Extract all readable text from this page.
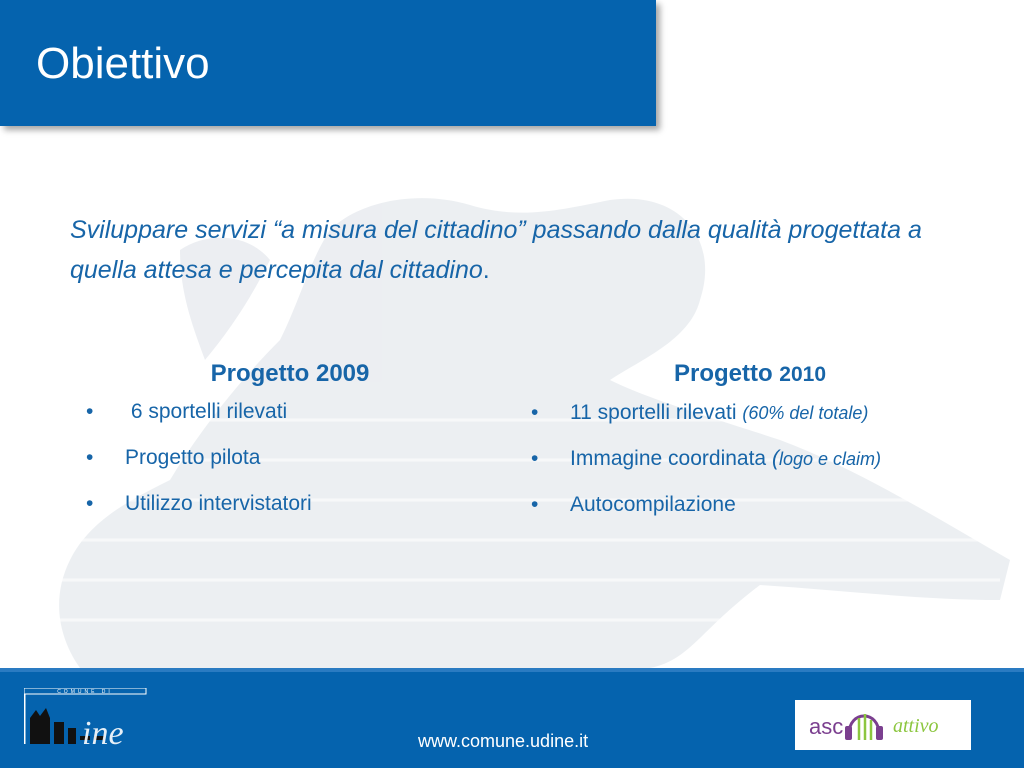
Obiettivo
Sviluppare servizi “a misura del cittadino” passando dalla qualità progettata a quella attesa e percepita dal cittadino.
Progetto 2009
•  6 sportelli rilevati
• Progetto pilota
• Utilizzo intervistatori
Progetto 2010
• 11 sportelli rilevati (60% del totale)
• Immagine coordinata (logo e claim)
• Autocompilazione
COMUNE DI
ine	www.comune.udine.it
asc attivo
